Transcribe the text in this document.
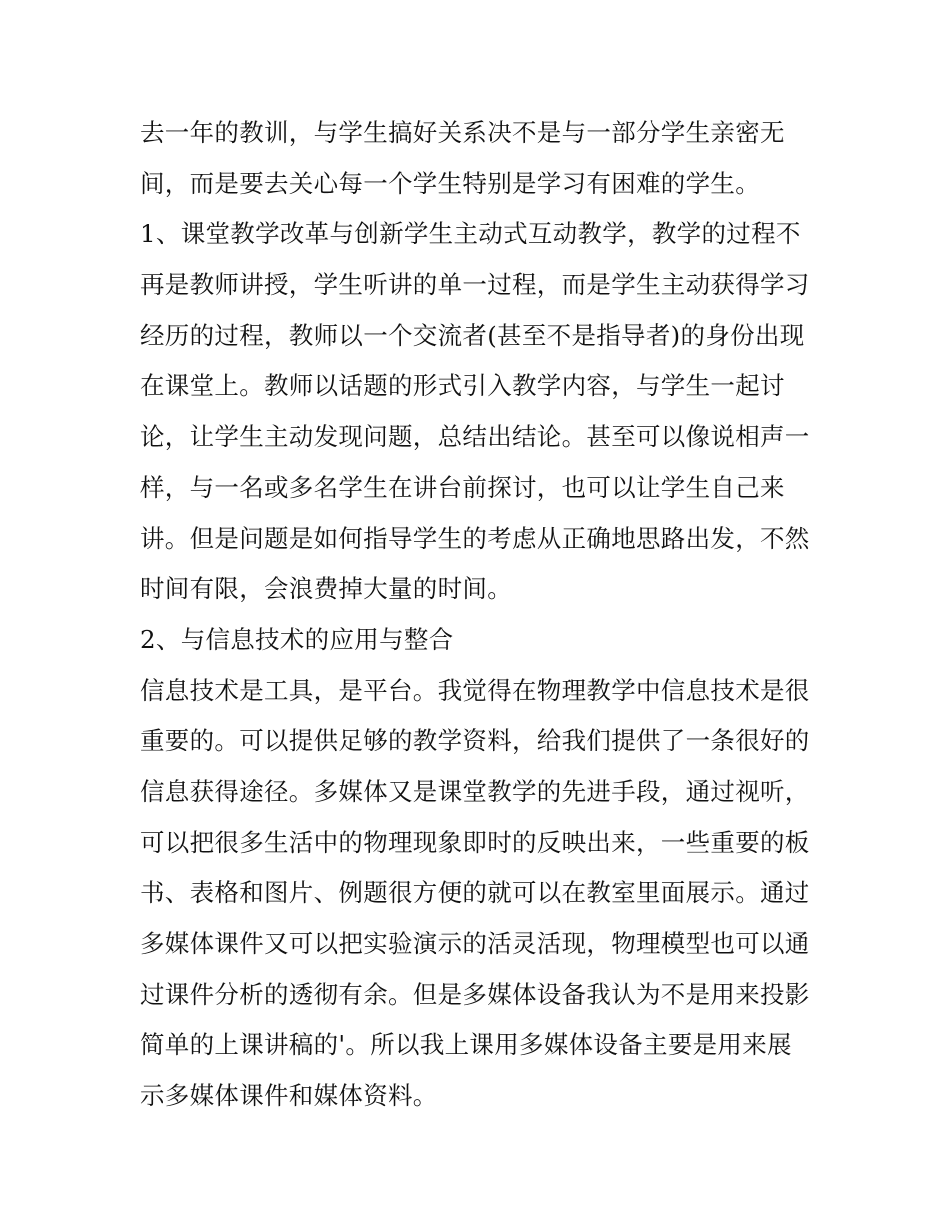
去一年的教训，与学生搞好关系决不是与一部分学生亲密无
间，而是要去关心每一个学生特别是学习有困难的学生。
1、课堂教学改革与创新学生主动式互动教学，教学的过程不
再是教师讲授，学生听讲的单一过程，而是学生主动获得学习
经历的过程，教师以一个交流者(甚至不是指导者)的身份出现
在课堂上。教师以话题的形式引入教学内容，与学生一起讨
论，让学生主动发现问题，总结出结论。甚至可以像说相声一
样，与一名或多名学生在讲台前探讨，也可以让学生自己来
讲。但是问题是如何指导学生的考虑从正确地思路出发，不然
时间有限，会浪费掉大量的时间。
2、与信息技术的应用与整合
信息技术是工具，是平台。我觉得在物理教学中信息技术是很
重要的。可以提供足够的教学资料，给我们提供了一条很好的
信息获得途径。多媒体又是课堂教学的先进手段，通过视听，
可以把很多生活中的物理现象即时的反映出来，一些重要的板
书、表格和图片、例题很方便的就可以在教室里面展示。通过
多媒体课件又可以把实验演示的活灵活现，物理模型也可以通
过课件分析的透彻有余。但是多媒体设备我认为不是用来投影
简单的上课讲稿的'。所以我上课用多媒体设备主要是用来展
示多媒体课件和媒体资料。
